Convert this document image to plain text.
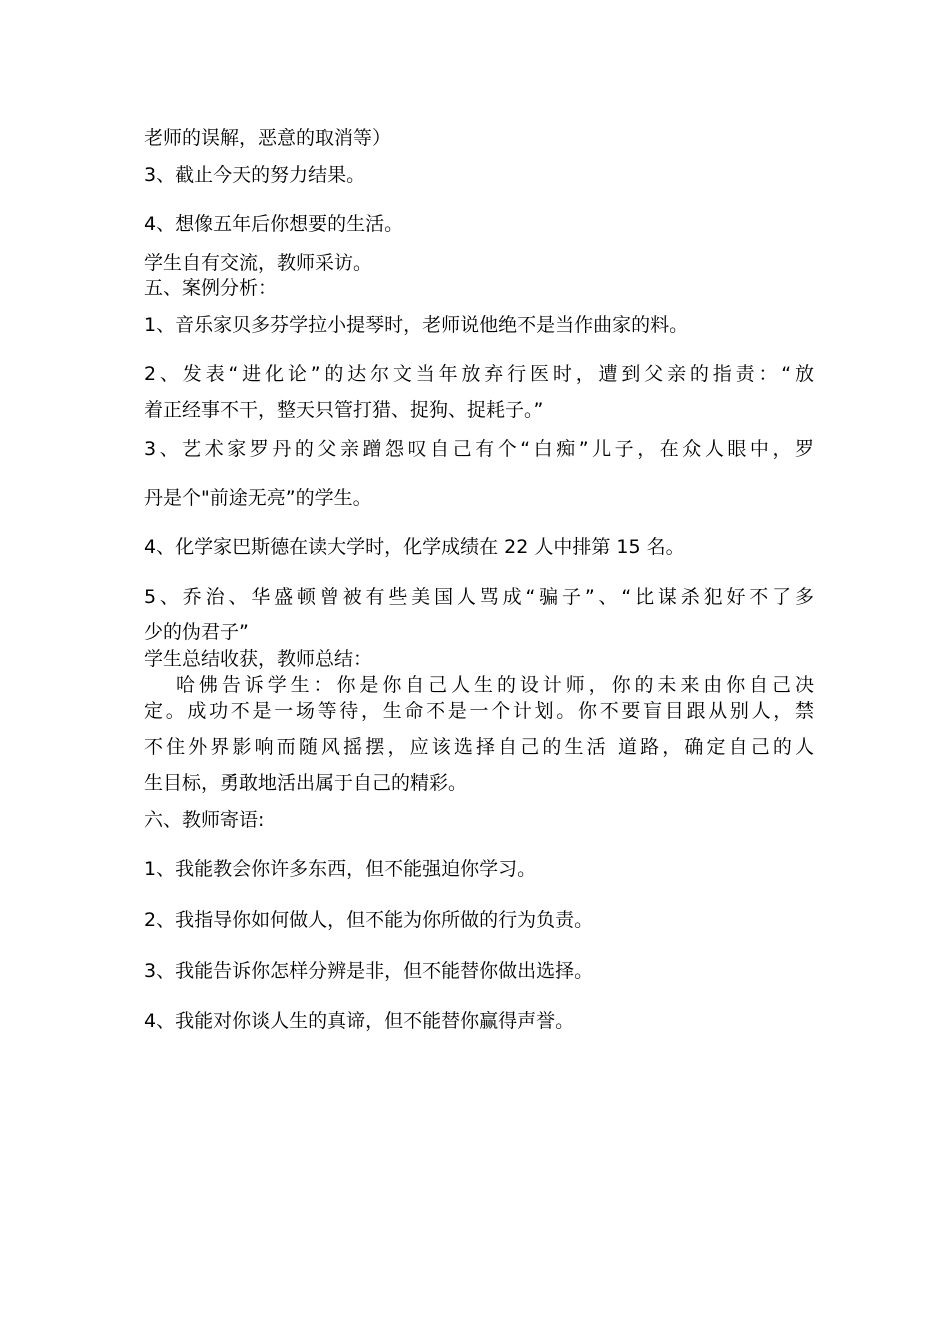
老师的误解，恶意的取消等）
3、截止今天的努力结果。
4、想像五年后你想要的生活。
学生自有交流，教师采访。
五、案例分析：
1、音乐家贝多芬学拉小提琴时，老师说他绝不是当作曲家的料。
2、发表“进化论”的达尔文当年放弃行医时，遭到父亲的指责：“放
着正经事不干，整天只管打猎、捉狗、捉耗子。”
3、艺术家罗丹的父亲蹭怨叹自己有个“白痴”儿子，在众人眼中，罗
丹是个"前途无亮”的学生。
4、化学家巴斯德在读大学时，化学成绩在 22 人中排第 15 名。
5、乔治、华盛顿曾被有些美国人骂成“骗子”、“比谋杀犯好不了多
少的伪君子”
学生总结收获，教师总结：
哈佛告诉学生：你是你自己人生的设计师，你的未来由你自己决
定。成功不是一场等待，生命不是一个计划。你不要盲目跟从别人，禁
不住外界影响而随风摇摆，应该选择自己的生活 道路，确定自己的人
生目标，勇敢地活出属于自己的精彩。
六、教师寄语:
1、我能教会你许多东西，但不能强迫你学习。
2、我指导你如何做人，但不能为你所做的行为负责。
3、我能告诉你怎样分辨是非，但不能替你做出选择。
4、我能对你谈人生的真谛，但不能替你赢得声誉。
